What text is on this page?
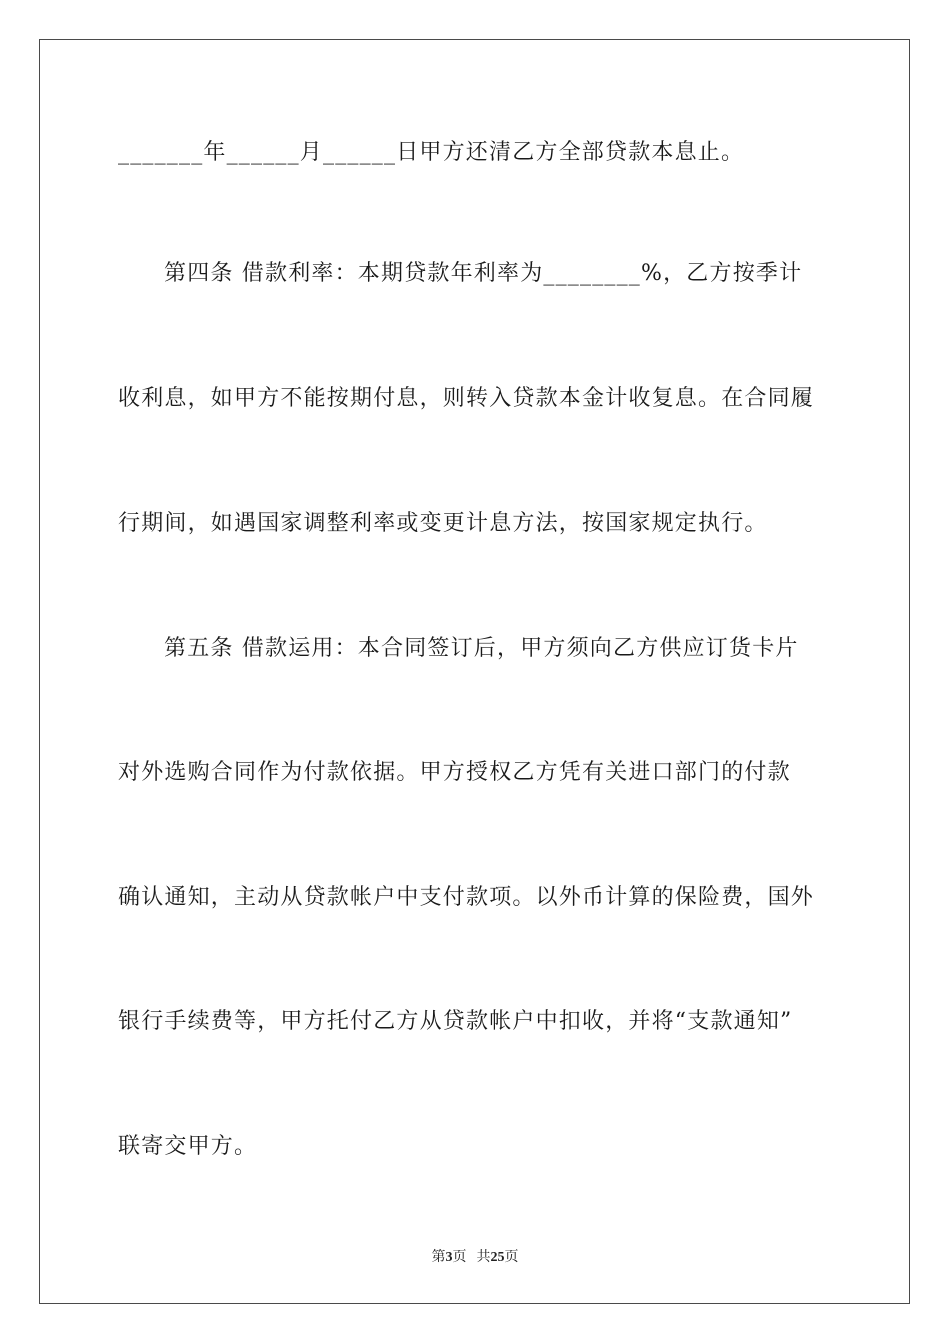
_______年______月______日甲方还清乙方全部贷款本息止。
第四条 借款利率：本期贷款年利率为________%，乙方按季计
收利息，如甲方不能按期付息，则转入贷款本金计收复息。在合同履
行期间，如遇国家调整利率或变更计息方法，按国家规定执行。
第五条 借款运用：本合同签订后，甲方须向乙方供应订货卡片
对外选购合同作为付款依据。甲方授权乙方凭有关进口部门的付款
确认通知，主动从贷款帐户中支付款项。以外币计算的保险费，国外
银行手续费等，甲方托付乙方从贷款帐户中扣收，并将“支款通知”
联寄交甲方。
第3页 共25页
